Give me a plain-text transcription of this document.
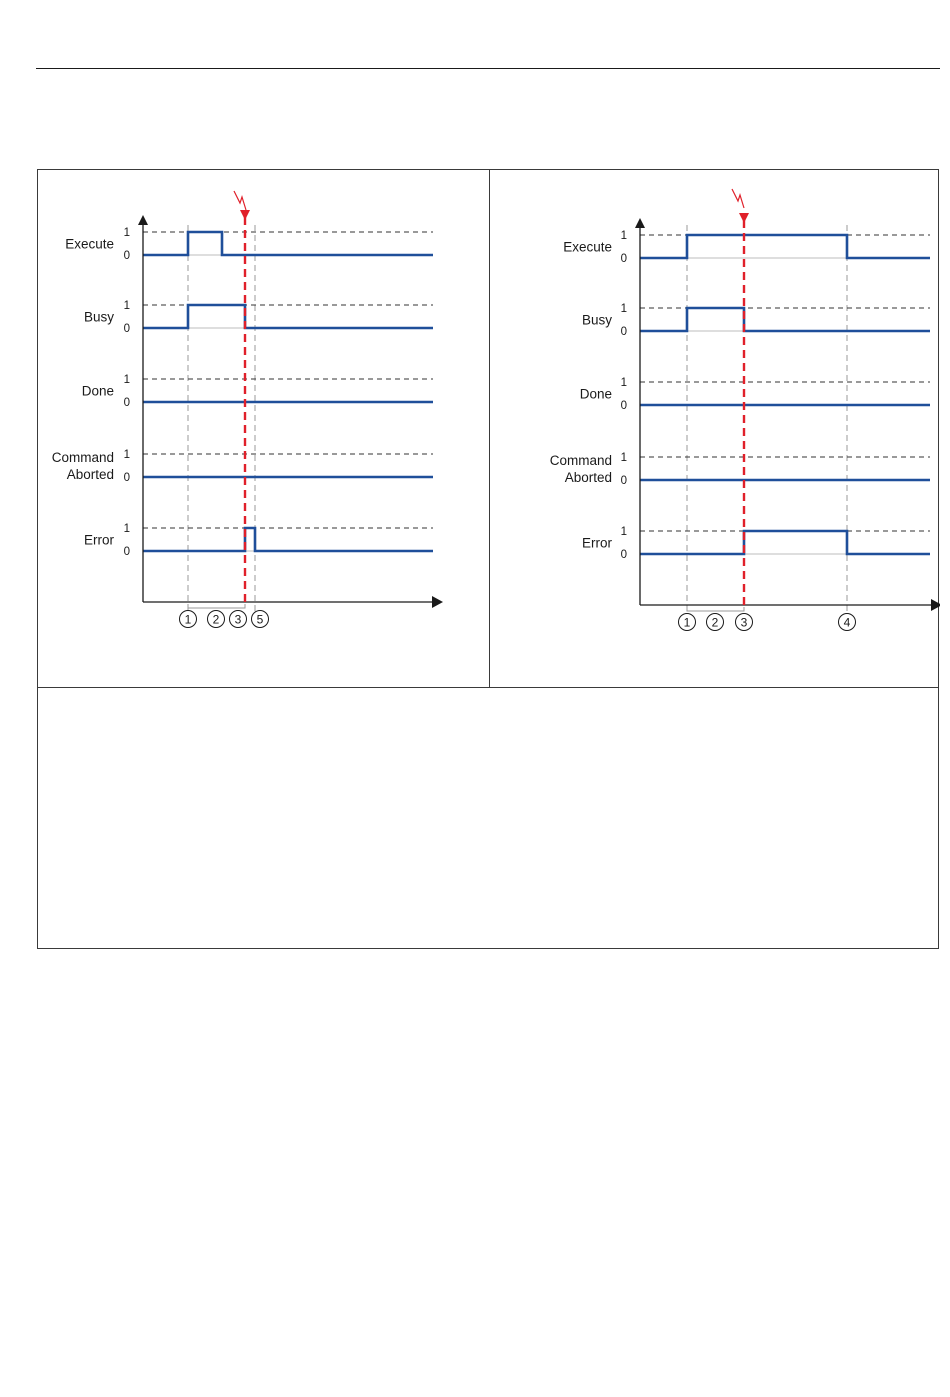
1
0
Execute
1
0
Busy
1
0
Done
1
0
Command
Aborted
1
0
Error
1 2 3 5
1
0
Execute
1
0
Busy
1
0
Done
1
0
Command
Aborted
1
0
Error
1 2 3	4
